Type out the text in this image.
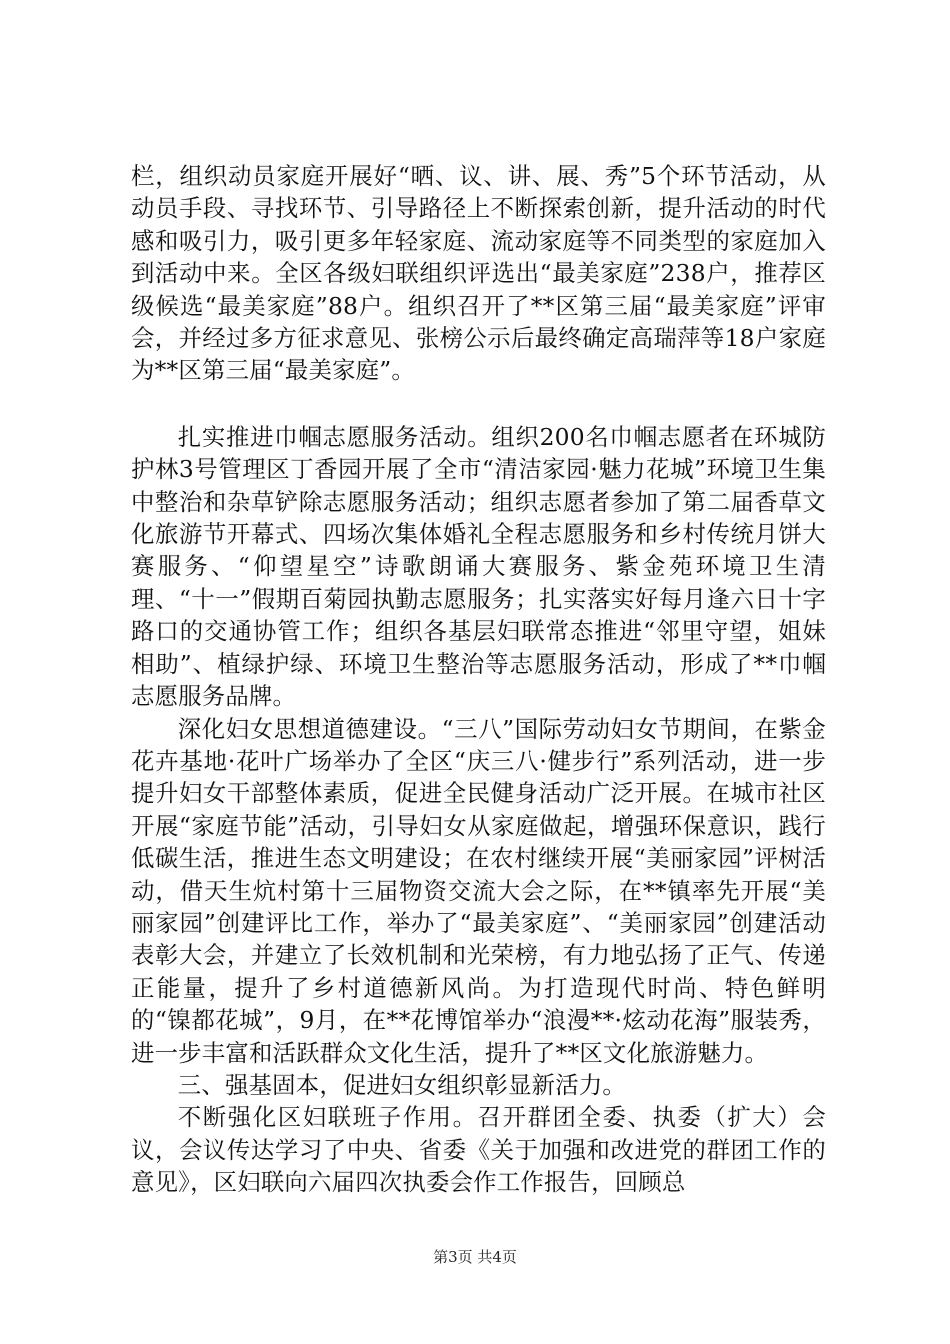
栏，组织动员家庭开展好“晒、议、讲、展、秀”5个环节活动，从动员手段、寻找环节、引导路径上不断探索创新，提升活动的时代感和吸引力，吸引更多年轻家庭、流动家庭等不同类型的家庭加入到活动中来。全区各级妇联组织评选出“最美家庭”238户，推荐区级候选“最美家庭”88户。组织召开了**区第三届“最美家庭”评审会，并经过多方征求意见、张榜公示后最终确定高瑞萍等18户家庭为**区第三届“最美家庭”。

扎实推进巾帼志愿服务活动。组织200名巾帼志愿者在环城防护林3号管理区丁香园开展了全市“清洁家园·魅力花城”环境卫生集中整治和杂草铲除志愿服务活动；组织志愿者参加了第二届香草文化旅游节开幕式、四场次集体婚礼全程志愿服务和乡村传统月饼大赛服务、“仰望星空”诗歌朗诵大赛服务、紫金苑环境卫生清理、“十一”假期百菊园执勤志愿服务；扎实落实好每月逢六日十字路口的交通协管工作；组织各基层妇联常态推进“邻里守望，姐妹相助”、植绿护绿、环境卫生整治等志愿服务活动，形成了**巾帼志愿服务品牌。

深化妇女思想道德建设。“三八”国际劳动妇女节期间，在紫金花卉基地·花叶广场举办了全区“庆三八·健步行”系列活动，进一步提升妇女干部整体素质，促进全民健身活动广泛开展。在城市社区开展“家庭节能”活动，引导妇女从家庭做起，增强环保意识，践行低碳生活，推进生态文明建设；在农村继续开展“美丽家园”评树活动，借天生炕村第十三届物资交流大会之际，在**镇率先开展“美丽家园”创建评比工作，举办了“最美家庭”、“美丽家园”创建活动表彰大会，并建立了长效机制和光荣榜，有力地弘扬了正气、传递正能量，提升了乡村道德新风尚。为打造现代时尚、特色鲜明的“镍都花城”，9月，在**花博馆举办“浪漫**·炫动花海”服装秀，进一步丰富和活跃群众文化生活，提升了**区文化旅游魅力。

三、强基固本，促进妇女组织彰显新活力。

不断强化区妇联班子作用。召开群团全委、执委（扩大）会议，会议传达学习了中央、省委《关于加强和改进党的群团工作的意见》，区妇联向六届四次执委会作工作报告，回顾总

第3页 共4页
